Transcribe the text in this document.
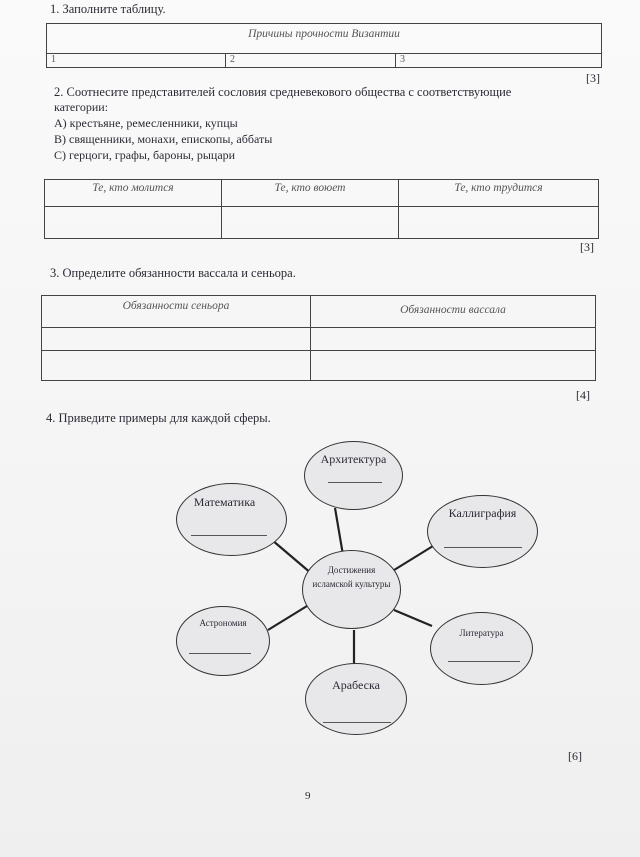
1. Заполните таблицу.
Причины прочности Византии
1	2	3
[3]
2. Соотнесите представителей сословия средневекового общества с соответствующие
категории:
А) крестьяне, ремесленники, купцы
В) священники, монахи, епископы, аббаты
С) герцоги, графы, бароны, рыцари
Те, кто молится	Те, кто воюет	Те, кто трудится

[3]
3. Определите обязанности вассала и сеньора.
Обязанности сеньора	Обязанности вассала

[4]
4. Приведите примеры для каждой сферы.
Достижения исламской культуры
Архитектура
Математика
Каллиграфия
Астрономия
Литература
Арабеска
[6]
9
